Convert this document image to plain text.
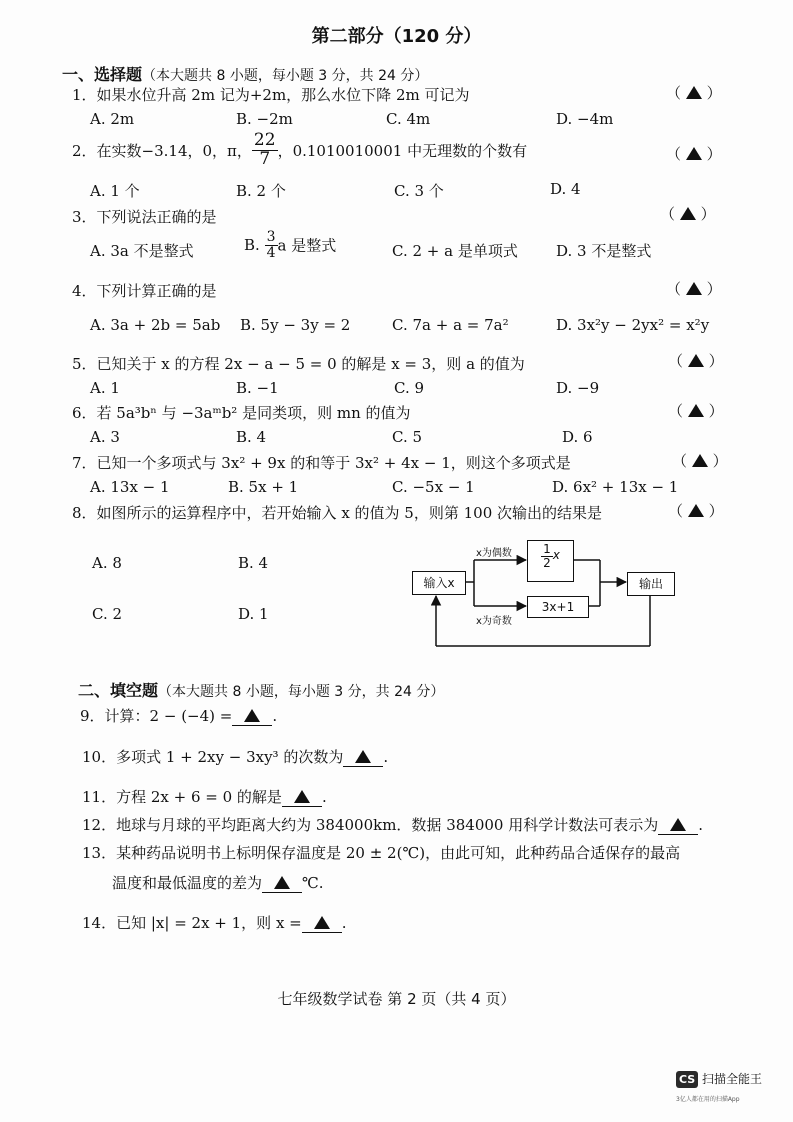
第二部分（120 分）
一、选择题（本大题共 8 小题，每小题 3 分，共 24 分）
1．如果水位升高 2m 记为+2m，那么水位下降 2m 可记为	（ ）
A. 2m	B. −2m	C. 4m	D. −4m
2．在实数−3.14，0，π， $\frac{22}{7}$ ，0.1010010001 中无理数的个数有	（ ）
A. 1 个	B. 2 个	C. 3 个	D. 4
3．下列说法正确的是	（ ）
A. 3a 不是整式	B. $\frac{3}{4}$ a 是整式	C. 2 + a 是单项式	D. 3 不是整式
4．下列计算正确的是	（ ）
A. 3a + 2b = 5ab B. 5y − 3y = 2	C. 7a + a = 7a²	D. 3x²y − 2yx² = x²y
5．已知关于 x 的方程 2x − a − 5 = 0 的解是 x = 3，则 a 的值为	（ ）
A. 1	B. −1	C. 9	D. −9
6．若 5a³bⁿ 与 −3aᵐb² 是同类项，则 mn 的值为	（ ）
A. 3	B. 4	C. 5	D. 6
7．已知一个多项式与 3x² + 9x 的和等于 3x² + 4x − 1，则这个多项式是	（ ）
A. 13x − 1	B. 5x + 1	C. −5x − 1	D. 6x² + 13x − 1
8．如图所示的运算程序中，若开始输入 x 的值为 5，则第 100 次输出的结果是	（ ）
A. 8	B. 4
C. 2	D. 1
输入x
x为偶数
x为奇数
$\frac{1}{2}$ x
3x+1
输出
二、填空题（本大题共 8 小题，每小题 3 分，共 24 分）
9．计算：2 − (−4) =	.
10．多项式 1 + 2xy − 3xy³ 的次数为	.
11．方程 2x + 6 = 0 的解是	.
12．地球与月球的平均距离大约为 384000km．数据 384000 用科学计数法可表示为	.
13．某种药品说明书上标明保存温度是 20 ± 2(℃)，由此可知，此种药品合适保存的最高
温度和最低温度的差为	℃.
14．已知 |x| = 2x + 1，则 x =	.
七年级数学试卷 第 2 页（共 4 页）
CS 扫描全能王
3亿人都在用的扫描App
